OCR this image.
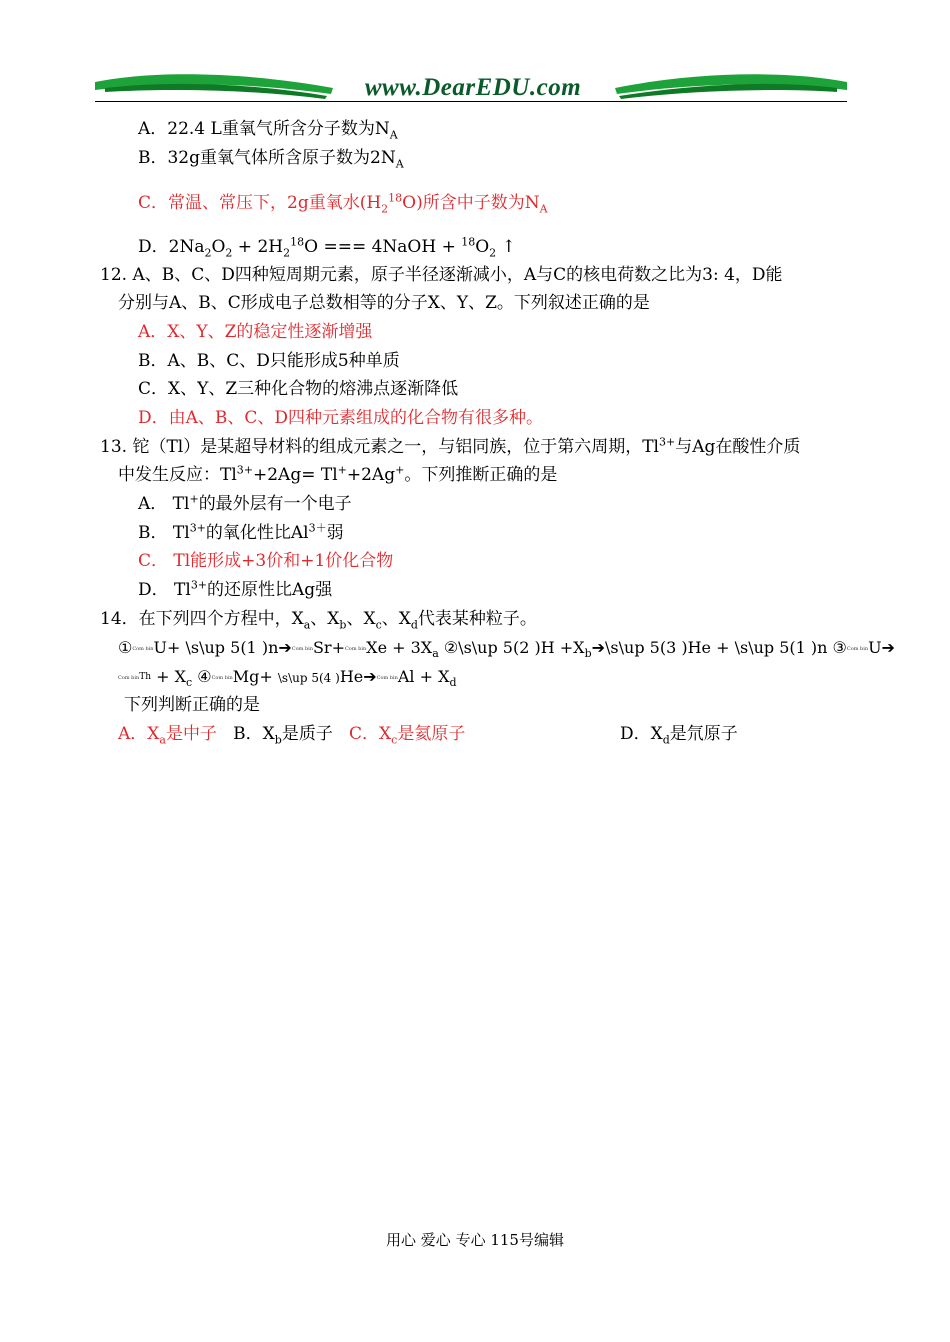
www.DearEDU.com
A．22.4 L重氧气所含分子数为$N_A$
B．32g重氧气体所含原子数为$2N_A$
C．常温、常压下，2g重氧水$(H_2^{18}O)$所含中子数为$N_A$
D．$2Na_2O_2 + 2H_2^{18}O$ === 4NaOH + $^{18}O_2$ ↑
12. A、B、C、D四种短周期元素，原子半径逐渐减小，A与C的核电荷数之比为3: 4，D能
分别与A、B、C形成电子总数相等的分子X、Y、Z。下列叙述正确的是
A．X、Y、Z的稳定性逐渐增强
B．A、B、C、D只能形成5种单质
C．X、Y、Z三种化合物的熔沸点逐渐降低
D．由A、B、C、D四种元素组成的化合物有很多种。
13. 铊（Tl）是某超导材料的组成元素之一，与铝同族，位于第六周期，$Tl^{3+}$与Ag在酸性介质
中发生反应：$Tl^{3+}+2Ag= Tl^++2Ag^+$。下列推断正确的是
A． Tl+的最外层有一个电子
B． $Tl^{3+}$的氧化性比$Al^{3+}$弱
C． Tl能形成+3价和+1价化合物
D． $Tl^{3+}$的还原性比Ag强
14．在下列四个方程中，$X_a$、$X_b$、$X_c$、$X_d$代表某种粒子。
①Com binU+ \s\up 5(1 )n➔Com binSr+Com binXe + $3X_a$ ②\s\up 5(2 )$H +X_b➔\backslash s\backslash up$ 5(3 )He + \s\up 5(1 )n ③Com binU➔
Com $bin^{Th} + X_c$ ④Com binMg+ \s\up 5(4 )He➔Com binAl + $X_d$
下列判断正确的是
A．$X_a$是中子 B．$X_b$是质子 C．$X_c$是氦原子	D．$X_d$是氘原子
用心 爱心 专心 115号编辑
